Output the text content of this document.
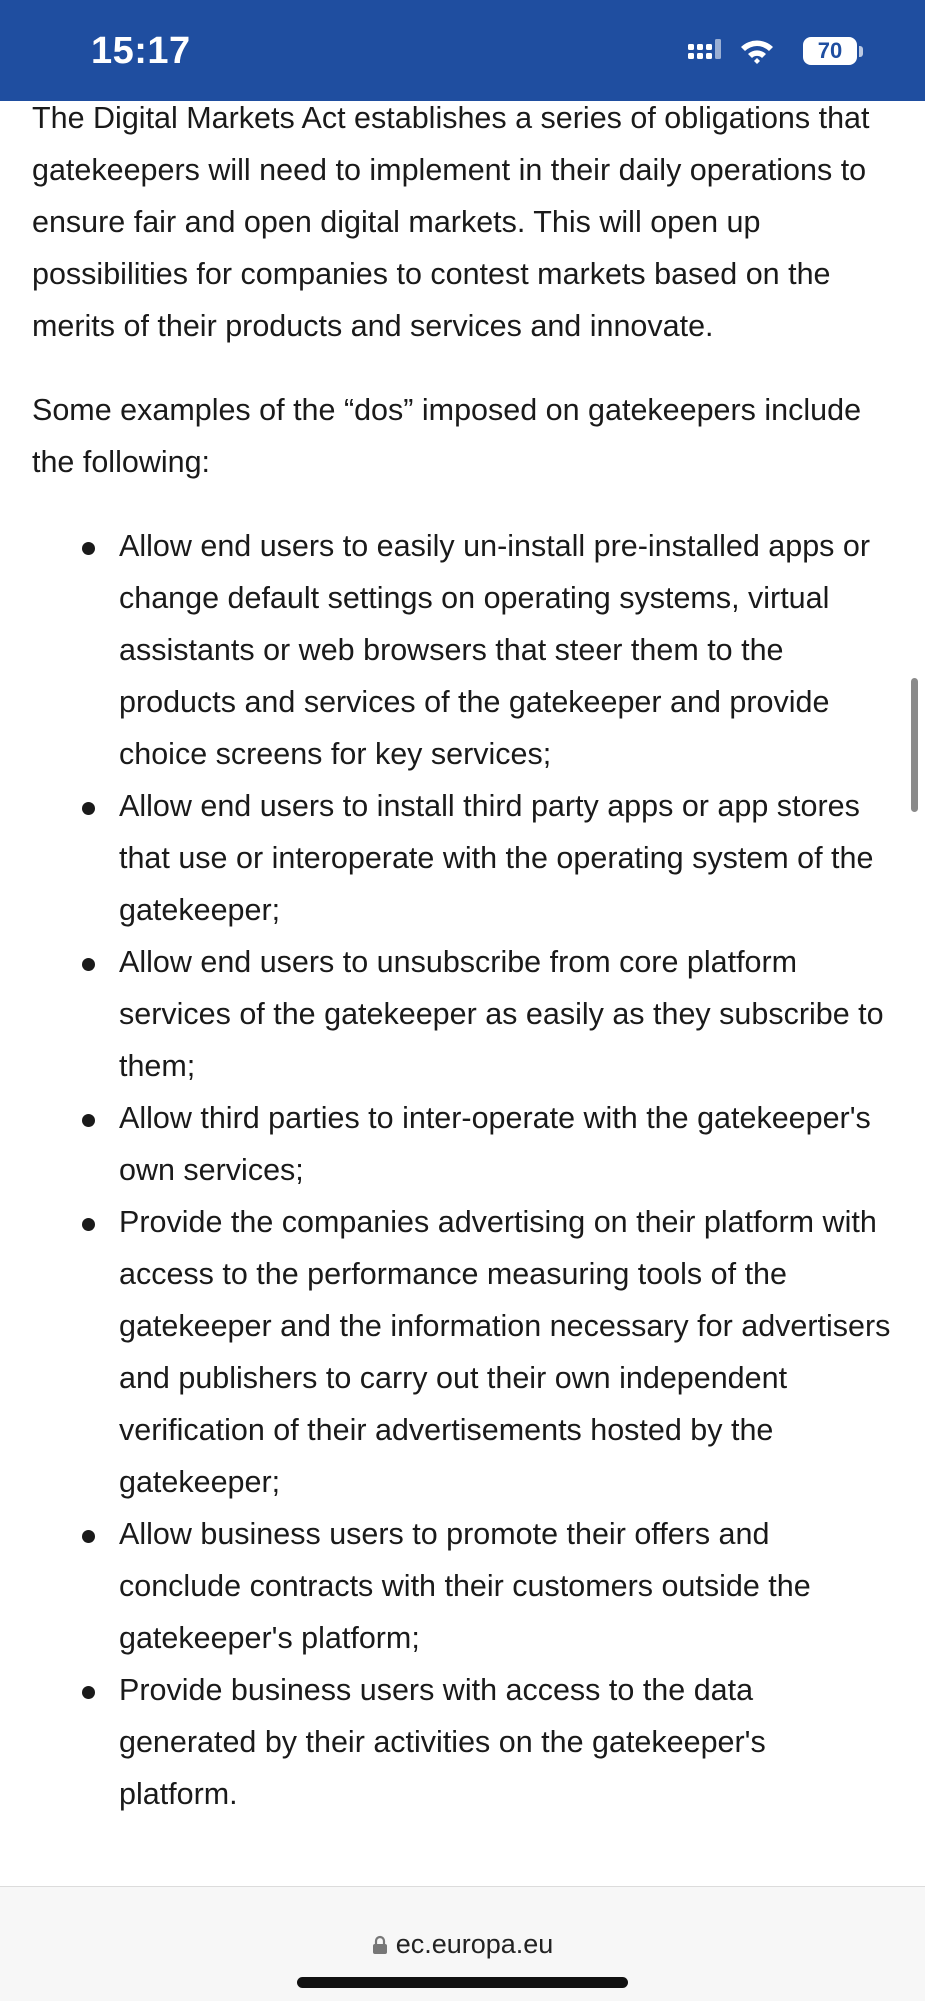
15:17	70

The Digital Markets Act establishes a series of obligations that gatekeepers will need to implement in their daily operations to ensure fair and open digital markets. This will open up possibilities for companies to contest markets based on the merits of their products and services and innovate.

Some examples of the “dos” imposed on gatekeepers include the following:

Allow end users to easily un-install pre-installed apps or change default settings on operating systems, virtual assistants or web browsers that steer them to the products and services of the gatekeeper and provide choice screens for key services;
Allow end users to install third party apps or app stores that use or interoperate with the operating system of the gatekeeper;
Allow end users to unsubscribe from core platform services of the gatekeeper as easily as they subscribe to them;
Allow third parties to inter-operate with the gatekeeper's own services;
Provide the companies advertising on their platform with access to the performance measuring tools of the gatekeeper and the information necessary for advertisers and publishers to carry out their own independent verification of their advertisements hosted by the gatekeeper;
Allow business users to promote their offers and conclude contracts with their customers outside the gatekeeper's platform;
Provide business users with access to the data generated by their activities on the gatekeeper's platform.
ec.europa.eu
